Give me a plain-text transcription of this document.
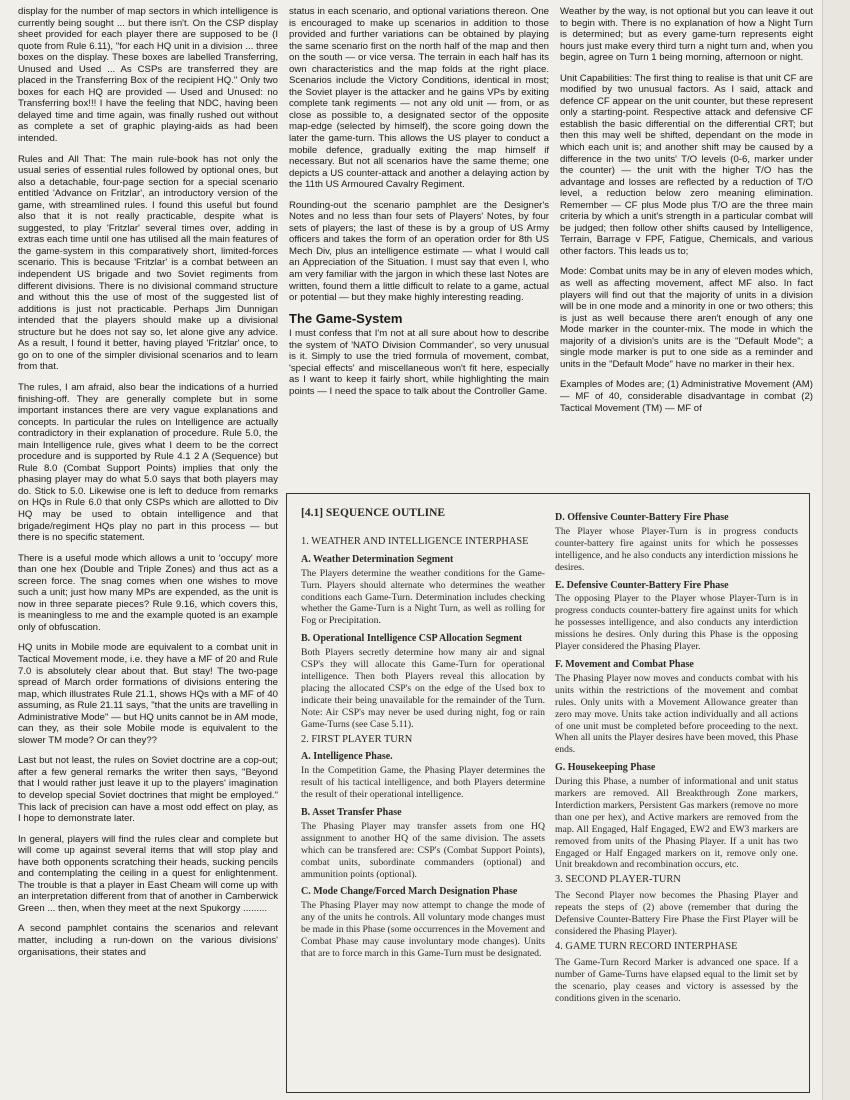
display for the number of map sectors in which intelligence is currently being sought ... but there isn't. On the CSP display sheet provided for each player there are supposed to be (I quote from Rule 6.11), "for each HQ unit in a division ... three boxes on the display. These boxes are labelled Transferring, Unused and Used ... As CSPs are transferred they are placed in the Transferring Box of the recipient HQ." Only two boxes for each HQ are provided — Used and Unused: no Transferring box!!! I have the feeling that NDC, having been delayed time and time again, was finally rushed out without as complete a set of graphic playing-aids as had been intended.

Rules and All That: The main rule-book has not only the usual series of essential rules followed by optional ones, but also a detachable, four-page section for a special scenario entitled 'Advance on Fritzlar', an introductory version of the game, with streamlined rules. I found this useful but found also that it is not really practicable, despite what is suggested, to play 'Fritzlar' several times over, adding in extras each time until one has utilised all the main features of the game-system in this comparatively short, limited-forces scenario. This is because 'Fritzlar' is a combat between an independent US brigade and two Soviet regiments from different divisions. There is no divisional command structure and without this the use of most of the suggested list of additions is just not practicable. Perhaps Jim Dunnigan intended that the players should make up a divisional structure but he does not say so, let alone give any advice. As a result, I found it better, having played 'Fritzlar' once, to go on to one of the simpler divisional scenarios and to learn from that.

The rules, I am afraid, also bear the indications of a hurried finishing-off. They are generally complete but in some important instances there are very vague explanations and concepts. In particular the rules on Intelligence are actually contradictory in their explanation of procedure. Rule 5.0, the main Intelligence rule, gives what I deem to be the correct procedure and is supported by Rule 4.1 2 A (Sequence) but Rule 8.0 (Combat Support Points) implies that only the phasing player may do what 5.0 says that both players may do. Stick to 5.0. Likewise one is left to deduce from remarks on HQs in Rule 6.0 that only CSPs which are allotted to Div HQ may be used to obtain intelligence and that brigade/regiment HQs play no part in this process — but there is no specific statement.

There is a useful mode which allows a unit to 'occupy' more than one hex (Double and Triple Zones) and thus act as a screen force. The snag comes when one wishes to move such a unit; just how many MPs are expended, as the unit is now in three separate pieces? Rule 9.16, which covers this, is meaningless to me and the example quoted is an example only of obfuscation.

HQ units in Mobile mode are equivalent to a combat unit in Tactical Movement mode, i.e. they have a MF of 20 and Rule 7.0 is absolutely clear about that. But stay! The two-page spread of March order formations of divisions entering the map, which illustrates Rule 21.1, shows HQs with a MF of 40 assuming, as Rule 21.11 says, "that the units are travelling in Administrative Mode" — but HQ units cannot be in AM mode, can they, as their sole Mobile mode is equivalent to the slower TM mode? Or can they??

Last but not least, the rules on Soviet doctrine are a cop-out; after a few general remarks the writer then says, "Beyond that I would rather just leave it up to the players' imagination to develop special Soviet doctrines that might be employed." This lack of precision can have a most odd effect on play, as I hope to demonstrate later.

In general, players will find the rules clear and complete but will come up against several items that will stop play and have both opponents scratching their heads, sucking pencils and contemplating the ceiling in a quest for enlightenment. The trouble is that a player in East Cheam will come up with an interpretation different from that of another in Camberwick Green ... then, when they meet at the next Spukorgy .........

A second pamphlet contains the scenarios and relevant matter, including a run-down on the various divisions' organisations, their states and

status in each scenario, and optional variations thereon. One is encouraged to make up scenarios in addition to those provided and further variations can be obtained by playing the same scenario first on the north half of the map and then on the south — or vice versa. The terrain in each half has its own characteristics and the map folds at the right place. Scenarios include the Victory Conditions, identical in most; the Soviet player is the attacker and he gains VPs by exiting complete tank regiments — not any old unit — from, or as close as possible to, a designated sector of the opposite map-edge (selected by himself), the score going down the later the game-turn. This allows the US player to conduct a mobile defence, gradually exiting the map himself if necessary. But not all scenarios have the same theme; one depicts a US counter-attack and another a delaying action by the 11th US Armoured Cavalry Regiment.

Rounding-out the scenario pamphlet are the Designer's Notes and no less than four sets of Players' Notes, by four sets of players; the last of these is by a group of US Army officers and takes the form of an operation order for 8th US Mech Div, plus an intelligence estimate — what I would call an Appreciation of the Situation. I must say that even I, who am very familiar with the jargon in which these last Notes are written, found them a little difficult to relate to a game, actual or potential — but they make highly interesting reading.

The Game-System

I must confess that I'm not at all sure about how to describe the system of 'NATO Division Commander', so very unusual is it. Simply to use the tried formula of movement, combat, 'special effects' and miscellaneous won't fit here, especially as I want to keep it fairly short, while highlighting the main points — I need the space to talk about the Controller Game.

Weather by the way, is not optional but you can leave it out to begin with. There is no explanation of how a Night Turn is determined; but as every game-turn represents eight hours just make every third turn a night turn and, when you begin, agree on Turn 1 being morning, afternoon or night.

Unit Capabilities: The first thing to realise is that unit CF are modified by two unusual factors. As I said, attack and defence CF appear on the unit counter, but these represent only a starting-point. Respective attack and defensive CF establish the basic differential on the differential CRT; but then this may well be shifted, dependant on the mode in which each unit is; and another shift may be caused by a difference in the two units' T/O levels (0-6, marker under the counter) — the unit with the higher T/O has the advantage and losses are reflected by a reduction of T/O level, a reduction below zero meaning elimination. Remember — CF plus Mode plus T/O are the three main criteria by which a unit's strength in a particular combat will be judged; then follow other shifts caused by Intelligence, Terrain, Barrage v FPF, Fatigue, Chemicals, and various other factors. This leads us to;

Mode: Combat units may be in any of eleven modes which, as well as affecting movement, affect MF also. In fact players will find out that the majority of units in a division will be in one mode and a minority in one or two others; this is just as well because there aren't enough of any one Mode marker in the counter-mix. The mode in which the majority of a division's units are is the "Default Mode"; a single mode marker is put to one side as a reminder and units in the "Default Mode" have no marker in their hex.

Examples of Modes are; (1) Administrative Movement (AM) — MF of 40, considerable disadvantage in combat (2) Tactical Movement (TM) — MF of

[4.1] SEQUENCE OUTLINE
1. WEATHER AND INTELLIGENCE INTERPHASE
A. Weather Determination Segment

The Players determine the weather conditions for the Game-Turn. Players should alternate who determines the weather conditions each Game-Turn. Determination includes checking whether the Game-Turn is a Night Turn, as well as rolling for Fog or Precipitation.

B. Operational Intelligence CSP Allocation Segment

Both Players secretly determine how many air and signal CSP's they will allocate this Game-Turn for operational intelligence. Then both Players reveal this allocation by placing the allocated CSP's on the edge of the Used box to indicate their being unavailable for the remainder of the Turn. Note: Air CSP's may never be used during night, fog or rain Game-Turns (see Case 5.11).

2. FIRST PLAYER TURN
A. Intelligence Phase.

In the Competition Game, the Phasing Player determines the result of his tactical intelligence, and both Players determine the result of their operational intelligence.

B. Asset Transfer Phase

The Phasing Player may transfer assets from one HQ assignment to another HQ of the same division. The assets which can be transfered are: CSP's (Combat Support Points), combat units, subordinate commanders (optional) and ammunition points (optional).

C. Mode Change/Forced March Designation Phase

The Phasing Player may now attempt to change the mode of any of the units he controls. All voluntary mode changes must be made in this Phase (some occurrences in the Movement and Combat Phase may cause involuntary mode changes). Units that are to force march in this Game-Turn must be designated.

D. Offensive Counter-Battery Fire Phase

The Player whose Player-Turn is in progress conducts counter-battery fire against units for which he possesses intelligence, and he also conducts any interdiction missions he desires.

E. Defensive Counter-Battery Fire Phase

The opposing Player to the Player whose Player-Turn is in progress conducts counter-battery fire against units for which he possesses intelligence, and also conducts any interdiction missions he desires. Only during this Phase is the opposing Player considered the Phasing Player.

F. Movement and Combat Phase

The Phasing Player now moves and conducts combat with his units within the restrictions of the movement and combat rules. Only units with a Movement Allowance greater than zero may move. Units take action individually and all actions of one unit must be completed before proceeding to the next. When all units the Player desires have been moved, this Phase ends.

G. Housekeeping Phase

During this Phase, a number of informational and unit status markers are removed. All Breakthrough Zone markers, Interdiction markers, Persistent Gas markers (remove no more than one per hex), and Active markers are removed from the map. All Engaged, Half Engaged, EW2 and EW3 markers are removed from units of the Phasing Player. If a unit has two Engaged or Half Engaged markers on it, remove only one. Unit breakdown and recombination occurs, etc.

3. SECOND PLAYER-TURN

The Second Player now becomes the Phasing Player and repeats the steps of (2) above (remember that during the Defensive Counter-Battery Fire Phase the First Player will be considered the Phasing Player).

4. GAME TURN RECORD INTERPHASE

The Game-Turn Record Marker is advanced one space. If a number of Game-Turns have elapsed equal to the limit set by the scenario, play ceases and victory is assessed by the conditions given in the scenario.
